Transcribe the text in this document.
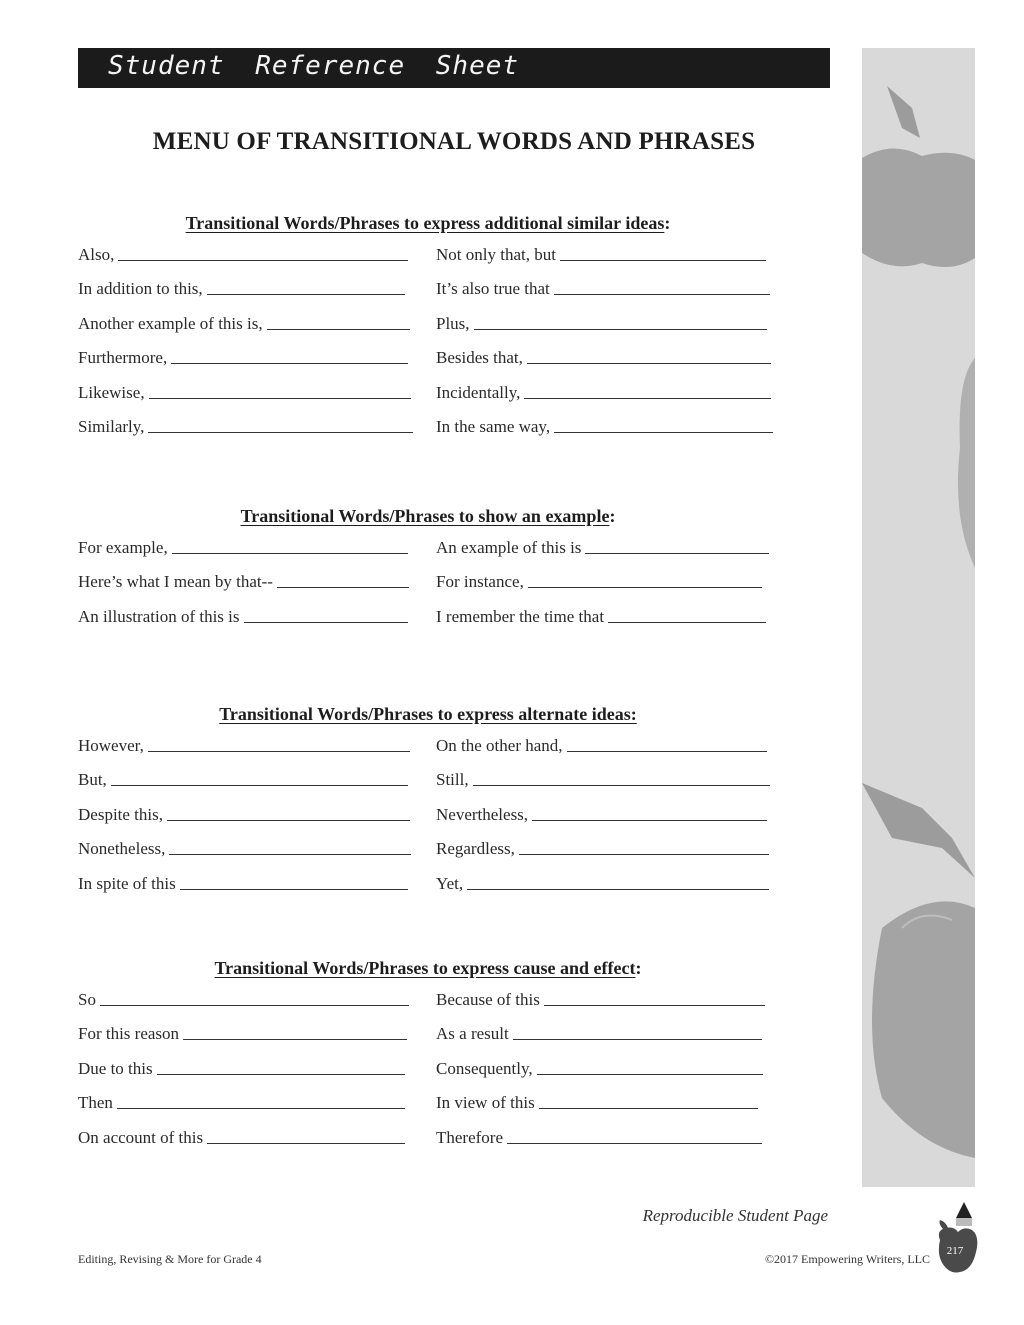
Student Reference Sheet
MENU OF TRANSITIONAL WORDS AND PHRASES
Transitional Words/Phrases to express additional similar ideas:
Also,	Not only that, but
In addition to this,	It’s also true that
Another example of this is,	Plus,
Furthermore,	Besides that,
Likewise,	Incidentally,
Similarly,	In the same way,
Transitional Words/Phrases to show an example:
For example,	An example of this is
Here’s what I mean by that--	For instance,
An illustration of this is	I remember the time that
Transitional Words/Phrases to express alternate ideas:
However,	On the other hand,
But,	Still,
Despite this,	Nevertheless,
Nonetheless,	Regardless,
In spite of this	Yet,
Transitional Words/Phrases to express cause and effect:
So	Because of this
For this reason	As a result
Due to this	Consequently,
Then	In view of this
On account of this	Therefore
Reproducible Student Page
Editing, Revising & More for Grade 4	©2017 Empowering Writers, LLC
217
